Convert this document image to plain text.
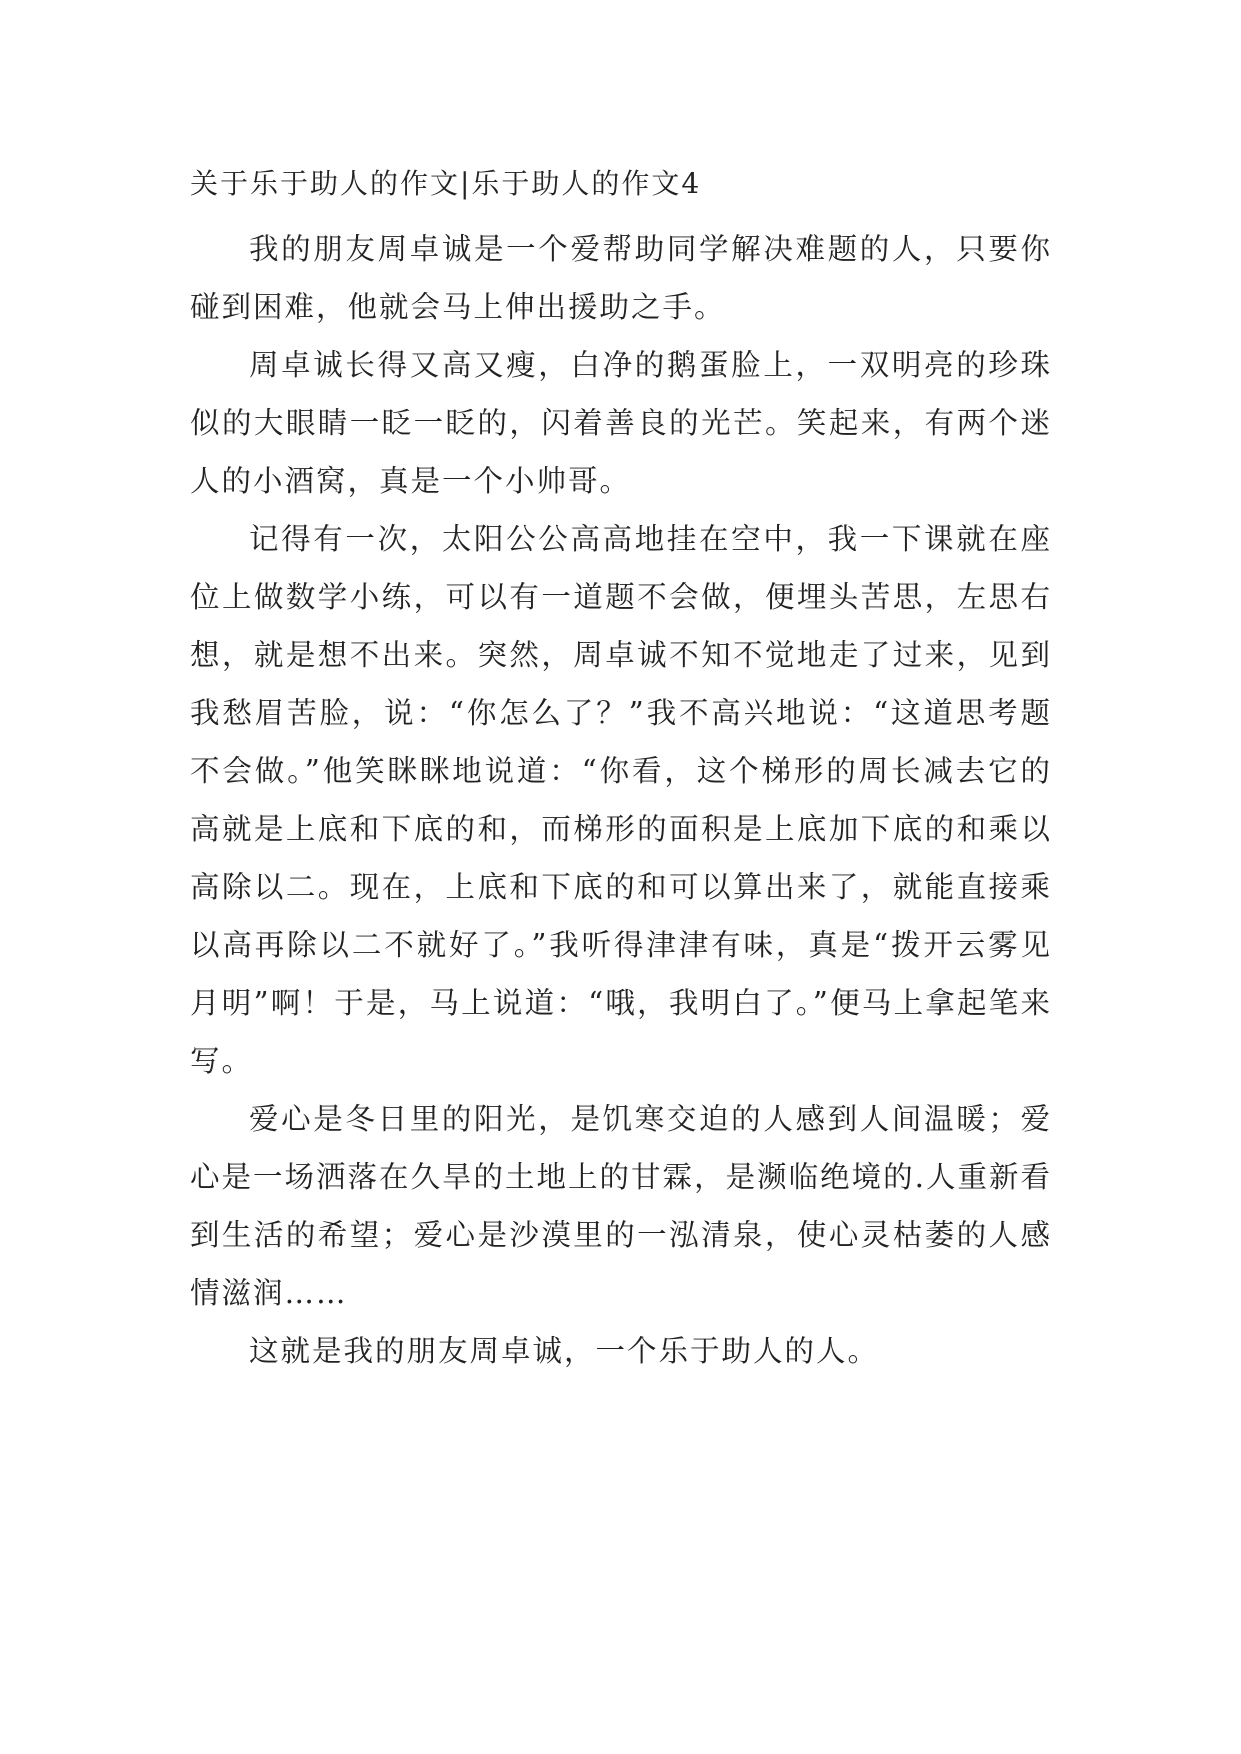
关于乐于助人的作文|乐于助人的作文4

我的朋友周卓诚是一个爱帮助同学解决难题的人，只要你碰到困难，他就会马上伸出援助之手。

周卓诚长得又高又瘦，白净的鹅蛋脸上，一双明亮的珍珠似的大眼睛一眨一眨的，闪着善良的光芒。笑起来，有两个迷人的小酒窝，真是一个小帅哥。

记得有一次，太阳公公高高地挂在空中，我一下课就在座位上做数学小练，可以有一道题不会做，便埋头苦思，左思右想，就是想不出来。突然，周卓诚不知不觉地走了过来，见到我愁眉苦脸，说：“你怎么了？”我不高兴地说：“这道思考题不会做。”他笑眯眯地说道：“你看，这个梯形的周长减去它的高就是上底和下底的和，而梯形的面积是上底加下底的和乘以高除以二。现在，上底和下底的和可以算出来了，就能直接乘以高再除以二不就好了。”我听得津津有味，真是“拨开云雾见月明”啊！于是，马上说道：“哦，我明白了。”便马上拿起笔来写。

爱心是冬日里的阳光，是饥寒交迫的人感到人间温暖；爱心是一场洒落在久旱的土地上的甘霖，是濒临绝境的.人重新看到生活的希望；爱心是沙漠里的一泓清泉，使心灵枯萎的人感情滋润……

这就是我的朋友周卓诚，一个乐于助人的人。
